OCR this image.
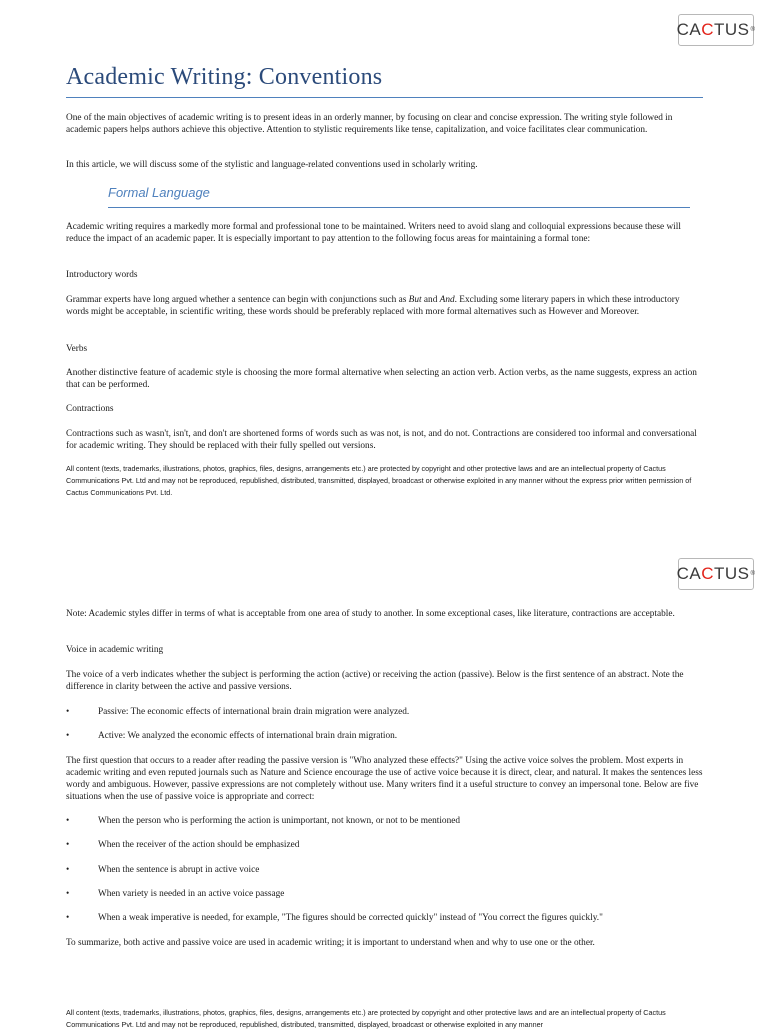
CA C TUS ®
Academic Writing: Conventions

One of the main objectives of academic writing is to present ideas in an orderly manner, by focusing on clear and concise expression. The writing style followed in academic papers helps authors achieve this objective. Attention to stylistic requirements like tense, capitalization, and voice facilitates clear communication.

In this article, we will discuss some of the stylistic and language-related conventions used in scholarly writing.

Formal Language

Academic writing requires a markedly more formal and professional tone to be maintained. Writers need to avoid slang and colloquial expressions because these will reduce the impact of an academic paper. It is especially important to pay attention to the following focus areas for maintaining a formal tone:

Introductory words

Grammar experts have long argued whether a sentence can begin with conjunctions such as But and And. Excluding some literary papers in which these introductory words might be acceptable, in scientific writing, these words should be preferably replaced with more formal alternatives such as However and Moreover.

Verbs

Another distinctive feature of academic style is choosing the more formal alternative when selecting an action verb. Action verbs, as the name suggests, express an action that can be performed.

Contractions

Contractions such as wasn't, isn't, and don't are shortened forms of words such as was not, is not, and do not. Contractions are considered too informal and conversational for academic writing. They should be replaced with their fully spelled out versions.

All content (texts, trademarks, illustrations, photos, graphics, files, designs, arrangements etc.) are protected by copyright and other protective laws and are an intellectual property of Cactus Communications Pvt. Ltd and may not be reproduced, republished, distributed, transmitted, displayed, broadcast or otherwise exploited in any manner without the express prior written permission of Cactus Communications Pvt. Ltd.

CA C TUS ®

Note: Academic styles differ in terms of what is acceptable from one area of study to another. In some exceptional cases, like literature, contractions are acceptable.

Voice in academic writing

The voice of a verb indicates whether the subject is performing the action (active) or receiving the action (passive). Below is the first sentence of an abstract. Note the difference in clarity between the active and passive versions.

•	Passive: The economic effects of international brain drain migration were analyzed.

•	Active: We analyzed the economic effects of international brain drain migration.

The first question that occurs to a reader after reading the passive version is "Who analyzed these effects?" Using the active voice solves the problem. Most experts in academic writing and even reputed journals such as Nature and Science encourage the use of active voice because it is direct, clear, and natural. It makes the sentences less wordy and ambiguous. However, passive expressions are not completely without use. Many writers find it a useful structure to convey an impersonal tone. Below are five situations when the use of passive voice is appropriate and correct:

•	When the person who is performing the action is unimportant, not known, or not to be mentioned

•	When the receiver of the action should be emphasized

•	When the sentence is abrupt in active voice

•	When variety is needed in an active voice passage

•	When a weak imperative is needed, for example, "The figures should be corrected quickly" instead of "You correct the figures quickly."

To summarize, both active and passive voice are used in academic writing; it is important to understand when and why to use one or the other.

All content (texts, trademarks, illustrations, photos, graphics, files, designs, arrangements etc.) are protected by copyright and other protective laws and are an intellectual property of Cactus Communications Pvt. Ltd and may not be reproduced, republished, distributed, transmitted, displayed, broadcast or otherwise exploited in any manner
